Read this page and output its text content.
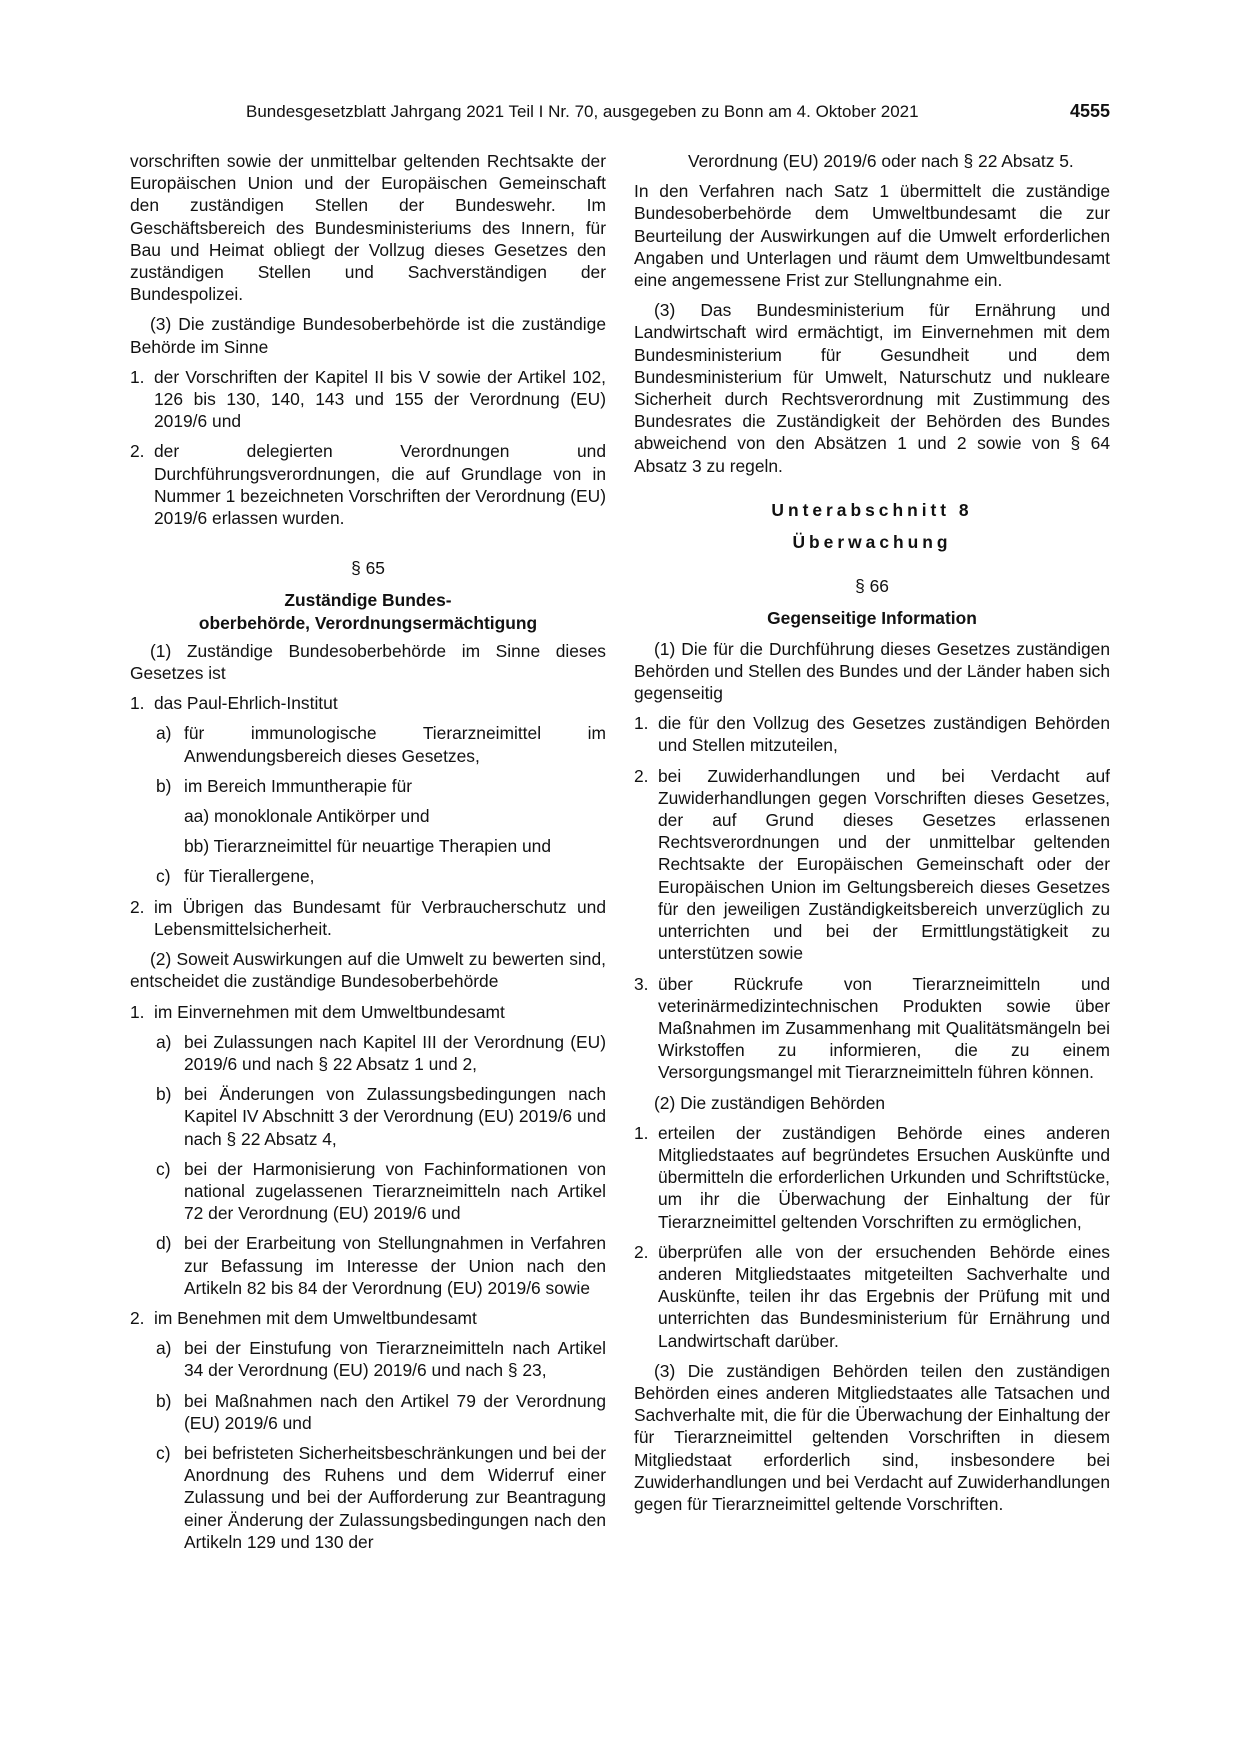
Bundesgesetzblatt Jahrgang 2021 Teil I Nr. 70, ausgegeben zu Bonn am 4. Oktober 2021	4555

vorschriften sowie der unmittelbar geltenden Rechtsakte der Europäischen Union und der Europäischen Gemeinschaft den zuständigen Stellen der Bundeswehr. Im Geschäftsbereich des Bundesministeriums des Innern, für Bau und Heimat obliegt der Vollzug dieses Gesetzes den zuständigen Stellen und Sachverständigen der Bundespolizei.

(3) Die zuständige Bundesoberbehörde ist die zuständige Behörde im Sinne

1. der Vorschriften der Kapitel II bis V sowie der Artikel 102, 126 bis 130, 140, 143 und 155 der Verordnung (EU) 2019/6 und
2. der delegierten Verordnungen und Durchführungsverordnungen, die auf Grundlage von in Nummer 1 bezeichneten Vorschriften der Verordnung (EU) 2019/6 erlassen wurden.

§ 65

Zuständige Bundes-

oberbehörde, Verordnungsermächtigung

(1) Zuständige Bundesoberbehörde im Sinne dieses Gesetzes ist

1. das Paul-Ehrlich-Institut
a) für immunologische Tierarzneimittel im Anwendungsbereich dieses Gesetzes,
b) im Bereich Immuntherapie für
aa) monoklonale Antikörper und
bb) Tierarzneimittel für neuartige Therapien und
c) für Tierallergene,
2. im Übrigen das Bundesamt für Verbraucherschutz und Lebensmittelsicherheit.

(2) Soweit Auswirkungen auf die Umwelt zu bewerten sind, entscheidet die zuständige Bundesoberbehörde

1. im Einvernehmen mit dem Umweltbundesamt
a) bei Zulassungen nach Kapitel III der Verordnung (EU) 2019/6 und nach § 22 Absatz 1 und 2,
b) bei Änderungen von Zulassungsbedingungen nach Kapitel IV Abschnitt 3 der Verordnung (EU) 2019/6 und nach § 22 Absatz 4,
c) bei der Harmonisierung von Fachinformationen von national zugelassenen Tierarzneimitteln nach Artikel 72 der Verordnung (EU) 2019/6 und
d) bei der Erarbeitung von Stellungnahmen in Verfahren zur Befassung im Interesse der Union nach den Artikeln 82 bis 84 der Verordnung (EU) 2019/6 sowie
2. im Benehmen mit dem Umweltbundesamt
a) bei der Einstufung von Tierarzneimitteln nach Artikel 34 der Verordnung (EU) 2019/6 und nach § 23,
b) bei Maßnahmen nach den Artikel 79 der Verordnung (EU) 2019/6 und
c) bei befristeten Sicherheitsbeschränkungen und bei der Anordnung des Ruhens und dem Widerruf einer Zulassung und bei der Aufforderung zur Beantragung einer Änderung der Zulassungsbedingungen nach den Artikeln 129 und 130 der

Verordnung (EU) 2019/6 oder nach § 22 Absatz 5.

In den Verfahren nach Satz 1 übermittelt die zuständige Bundesoberbehörde dem Umweltbundesamt die zur Beurteilung der Auswirkungen auf die Umwelt erforderlichen Angaben und Unterlagen und räumt dem Umweltbundesamt eine angemessene Frist zur Stellungnahme ein.

(3) Das Bundesministerium für Ernährung und Landwirtschaft wird ermächtigt, im Einvernehmen mit dem Bundesministerium für Gesundheit und dem Bundesministerium für Umwelt, Naturschutz und nukleare Sicherheit durch Rechtsverordnung mit Zustimmung des Bundesrates die Zuständigkeit der Behörden des Bundes abweichend von den Absätzen 1 und 2 sowie von § 64 Absatz 3 zu regeln.

Unterabschnitt 8

Überwachung

§ 66

Gegenseitige Information

(1) Die für die Durchführung dieses Gesetzes zuständigen Behörden und Stellen des Bundes und der Länder haben sich gegenseitig

1. die für den Vollzug des Gesetzes zuständigen Behörden und Stellen mitzuteilen,
2. bei Zuwiderhandlungen und bei Verdacht auf Zuwiderhandlungen gegen Vorschriften dieses Gesetzes, der auf Grund dieses Gesetzes erlassenen Rechtsverordnungen und der unmittelbar geltenden Rechtsakte der Europäischen Gemeinschaft oder der Europäischen Union im Geltungsbereich dieses Gesetzes für den jeweiligen Zuständigkeitsbereich unverzüglich zu unterrichten und bei der Ermittlungstätigkeit zu unterstützen sowie
3. über Rückrufe von Tierarzneimitteln und veterinärmedizintechnischen Produkten sowie über Maßnahmen im Zusammenhang mit Qualitätsmängeln bei Wirkstoffen zu informieren, die zu einem Versorgungsmangel mit Tierarzneimitteln führen können.

(2) Die zuständigen Behörden

1. erteilen der zuständigen Behörde eines anderen Mitgliedstaates auf begründetes Ersuchen Auskünfte und übermitteln die erforderlichen Urkunden und Schriftstücke, um ihr die Überwachung der Einhaltung der für Tierarzneimittel geltenden Vorschriften zu ermöglichen,
2. überprüfen alle von der ersuchenden Behörde eines anderen Mitgliedstaates mitgeteilten Sachverhalte und Auskünfte, teilen ihr das Ergebnis der Prüfung mit und unterrichten das Bundesministerium für Ernährung und Landwirtschaft darüber.

(3) Die zuständigen Behörden teilen den zuständigen Behörden eines anderen Mitgliedstaates alle Tatsachen und Sachverhalte mit, die für die Überwachung der Einhaltung der für Tierarzneimittel geltenden Vorschriften in diesem Mitgliedstaat erforderlich sind, insbesondere bei Zuwiderhandlungen und bei Verdacht auf Zuwiderhandlungen gegen für Tierarzneimittel geltende Vorschriften.
